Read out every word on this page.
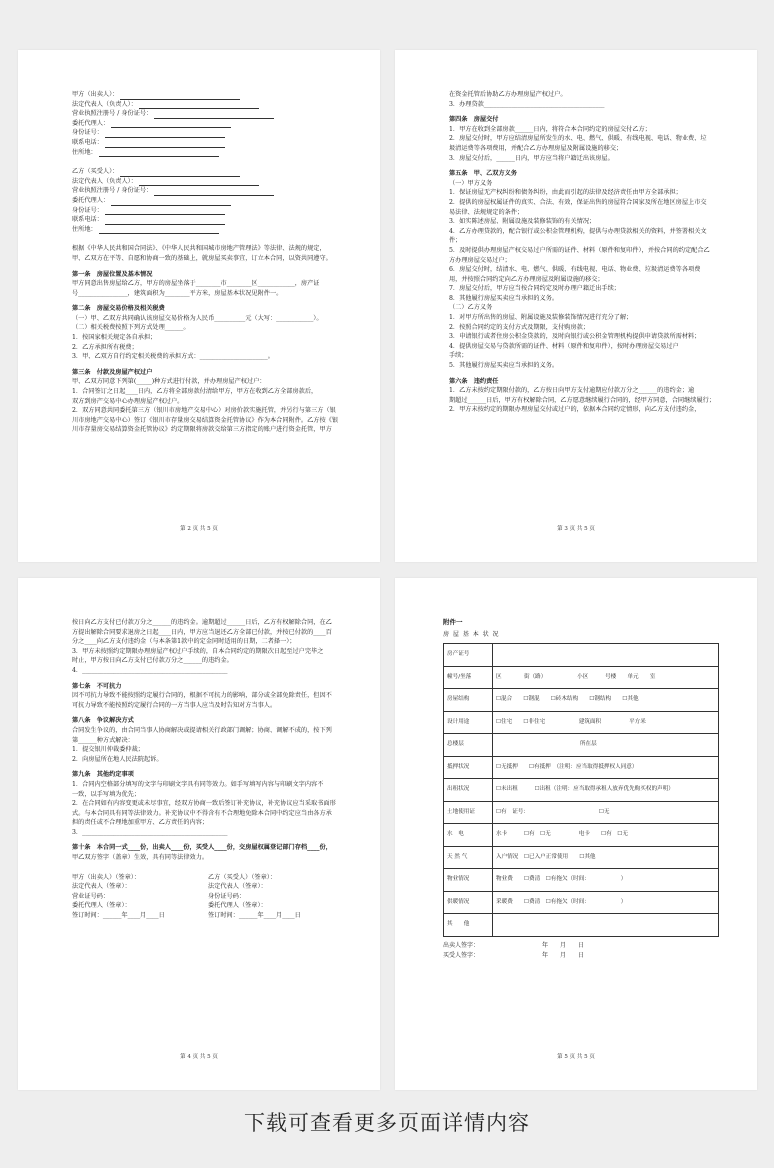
甲方（出卖人）：
法定代表人（负责人）：
营业执照注册号 / 身份证号：
委托代理人：
身份证号：
联系电话：
住所地：
乙方（买受人）：
法定代表人（负责人）：
营业执照注册号 / 身份证号：
委托代理人：
身份证号：
联系电话：
住所地：
根据《中华人民共和国合同法》、《中华人民共和国城市房地产管理法》等法律、法规的规定，
甲、乙双方在平等、自愿和协商一致的基础上，就房屋买卖事宜，订立本合同，以资共同遵守。
第一条　房屋位置及基本情况
甲方同意出售房屋给乙方，甲方的房屋坐落于________市________区____________，房产证
号________________，建筑面积为________平方米，房屋基本状况见附件一。
第二条　房屋交易价格及相关税费
（一）甲、乙双方共同确认该房屋交易价格为人民币__________元（大写：____________）。
（二）相关税费按照下列方式处理______。
1．按国家相关规定各自承担；
2．乙方承担所有税费；
3．甲、乙双方自行约定相关税费的承担方式：______________________。
第三条　付款及房屋产权过户
甲、乙双方同意下列第(_____)种方式进行付款，并办理房屋产权过户：
1．合同签订之日起____日内，乙方将全部房款付清给甲方，甲方在收到乙方全部房款后，
双方到房产交易中心办理房屋产权过户。
2．双方同意共同委托第三方（银川市房地产交易中心）对房价款实施托管，并另行与第三方（银
川市房地产交易中心）签订《银川市存量房交易结算资金托管协议》作为本合同附件。乙方按《银
川市存量房交易结算资金托管协议》约定期限将房款交给第三方指定的账户进行资金托管，甲方
第 2 页 共 5 页
在资金托管后协助乙方办理房屋产权过户。
3．办理贷款_______________________________________
第四条　房屋交付
1．甲方在收到全部房款______日内，将符合本合同约定的房屋交付乙方；
2．房屋交付时，甲方应结清房屋所发生的水、电、燃气、供暖、有线电视、电话、物业费、垃
圾清运费等各项费用，并配合乙方办理房屋及附属设施的移交；
3．房屋交付后，______日内，甲方应当将户籍迁出该房屋。
第五条　甲、乙双方义务
（一）甲方义务
1．保证房屋无产权纠纷和债务纠纷，由此而引起的法律及经济责任由甲方全部承担；
2．提供的房屋权属证件的真实、合法、有效，保证出售的房屋符合国家及所在地区房屋上市交
易法律、法规规定的条件；
3．如实陈述房屋、附属设施及装修装饰的有关情况；
4．乙方办理贷款的，配合银行或公积金管理机构，提供与办理贷款相关的资料，并签署相关文
件；
5．及时提供办理房屋产权交易过户所需的证件、材料（原件和复印件），并按合同的约定配合乙
方办理房屋交易过户；
6．房屋交付时，结清水、电、燃气、供暖、有线电视、电话、物业费、垃圾清运费等各项费
用，并按照合同约定向乙方办理房屋及附属设施的移交；
7．房屋交付后，甲方应当按合同约定及时办理户籍迁出手续；
8．其他履行房屋买卖应当承担的义务。
（二）乙方义务
1．对甲方所出售的房屋、附属设施及装修装饰情况进行充分了解；
2．按照合同约定的支付方式及期限，支付购房款；
3．申请银行或者住房公积金贷款的，及时向银行或公积金管理机构提供申请贷款所需材料；
4．提供房屋交易与贷款所需的证件、材料（原件和复印件），按时办理房屋交易过户
手续；
5．其他履行房屋买卖应当承担的义务。
第六条　违约责任
1．乙方未按约定期限付款的，乙方按日向甲方支付逾期应付款万分之______的违约金；逾
期超过______日后，甲方有权解除合同，乙方愿意继续履行合同的，经甲方同意，合同继续履行；
2．甲方未按约定的期限办理房屋交付或过户的，依据本合同约定情形，向乙方支付违约金，
第 3 页 共 5 页
按日向乙方支付已付款万分之______的违约金。逾期超过______日后，乙方有权解除合同，在乙
方提出解除合同要求退房之日起____日内，甲方应当退还乙方全部已付款，并按已付款的____百
分之____向乙方支付违约金（与本条第1款中的定金同时适用的日期，二者择一）；
3．甲方未按照约定期限办理房屋产权过户手续的，自本合同约定的期限次日起至过户完毕之
时止，甲方按日向乙方支付已付款万分之______的违约金。
4．_______________________________________________
第七条　不可抗力
因不可抗力导致不能按照约定履行合同的，根据不可抗力的影响，部分或全部免除责任，但因不
可抗力导致不能按照约定履行合同的一方当事人应当及时告知对方当事人。
第八条　争议解决方式
合同发生争议的，由合同当事人协商解决或提请相关行政部门调解；协商、调解不成的，按下列
第______种方式解决：
1．提交银川仲裁委仲裁；
2．向房屋所在地人民法院起诉。
第九条　其他约定事项
1．合同内空格部分填写的文字与印刷文字具有同等效力。如手写填写内容与印刷文字内容不
一致，以手写填为优先；
2．在合同如有内容变更或未尽事宜，经双方协商一致后签订补充协议，补充协议应当采取书面形
式。与本合同具有同等法律效力。补充协议中不得含有不合理地免除本合同中约定应当由各方承
担的责任或不合理地加重甲方、乙方责任的内容；
3．_______________________________________________
第十条　本合同一式____份，出卖人____份，买受人____份，交房屋权属登记部门存档____份，
甲乙双方签字（盖章）生效，具有同等法律效力。
甲方（出卖人）（签章）：	乙方（买受人）（签章）：
法定代表人（签章）：	法定代表人（签章）：
营业证号码：	身份证号码：
委托代理人（签章）：	委托代理人（签章）：
签订时间：______年____月____日	签订时间：______年____月____日
第 4 页 共 5 页
附件一
房 屋 基 本 状 况
房产证号	
幢号/坐落	区　　　　街（路）　　　　　　小区　　　号楼　　单元　　室
房屋结构	☐混合　　☐钢混　　☐砖木结构　　☐钢结构　　☐其他
设计用途	☐住宅　　☐非住宅　　　　　　建筑面积　　　　　平方米
总楼层	　　　　　　　　　　　　　　　所在层
抵押状况	☐无抵押　　☐有抵押　（注明：应当取得抵押权人同意）
出租状况	☐未出租　　　☐出租（注明：应当取得承租人放弃优先购买权的声明）
土地使用证	☐有　证号：　　　　　　　　　　　　　☐无
水　电	水卡　　　☐有　☐无　　　　　电卡　　☐有　☐无
天 然 气	入户情况　☐已入户正常使用　　☐其他
物业情况	物业费　　☐费清　☐有拖欠（时间：　　　　　　）
供暖情况	采暖费　　☐费清　☐有拖欠（时间：　　　　　　）
其　　他	
出卖人签字：　　　　　　　　　　　年　　月　　日
买受人签字：　　　　　　　　　　　年　　月　　日
第 5 页 共 5 页
下载可查看更多页面详情内容
